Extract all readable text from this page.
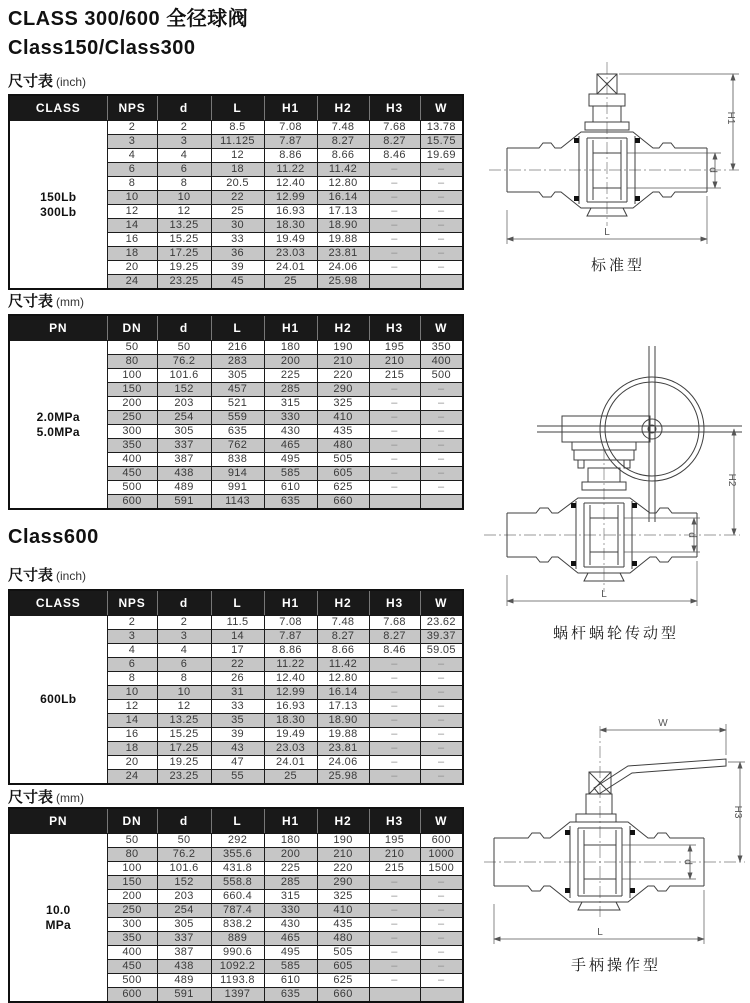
CLASS 300/600 全径球阀
Class150/Class300
尺寸表 (inch)
CLASS	NPS	d	L	H1	H2	H3	W

150Lb
300Lb	2	2	8.5	7.08	7.48	7.68	13.78
	3	3	11.125	7.87	8.27	8.27	15.75
	4	4	12	8.86	8.66	8.46	19.69
	6	6	18	11.22	11.42	–	–
	8	8	20.5	12.40	12.80	–	–
	10	10	22	12.99	16.14	–	–
	12	12	25	16.93	17.13	–	–
	14	13.25	30	18.30	18.90	–	–
	16	15.25	33	19.49	19.88	–	–
	18	17.25	36	23.03	23.81	–	–
	20	19.25	39	24.01	24.06	–	–
	24	23.25	45	25	25.98		
尺寸表 (mm)
PN	DN	d	L	H1	H2	H3	W

2.0MPa
5.0MPa	50	50	216	180	190	195	350
	80	76.2	283	200	210	210	400
	100	101.6	305	225	220	215	500
	150	152	457	285	290	–	–
	200	203	521	315	325	–	–
	250	254	559	330	410	–	–
	300	305	635	430	435	–	–
	350	337	762	465	480	–	–
	400	387	838	495	505	–	–
	450	438	914	585	605	–	–
	500	489	991	610	625	–	–
	600	591	1143	635	660		
Class600
尺寸表 (inch)
CLASS	NPS	d	L	H1	H2	H3	W

600Lb	2	2	11.5	7.08	7.48	7.68	23.62
	3	3	14	7.87	8.27	8.27	39.37
	4	4	17	8.86	8.66	8.46	59.05
	6	6	22	11.22	11.42	–	–
	8	8	26	12.40	12.80	–	–
	10	10	31	12.99	16.14	–	–
	12	12	33	16.93	17.13	–	–
	14	13.25	35	18.30	18.90	–	–
	16	15.25	39	19.49	19.88	–	–
	18	17.25	43	23.03	23.81	–	–
	20	19.25	47	24.01	24.06	–	–
	24	23.25	55	25	25.98	–	–
尺寸表 (mm)
PN	DN	d	L	H1	H2	H3	W

10.0
MPa	50	50	292	180	190	195	600
	80	76.2	355.6	200	210	210	1000
	100	101.6	431.8	225	220	215	1500
	150	152	558.8	285	290	–	–
	200	203	660.4	315	325	–	–
	250	254	787.4	330	410	–	–
	300	305	838.2	430	435	–	–
	350	337	889	465	480	–	–
	400	387	990.6	495	505	–	–
	450	438	1092.2	585	605	–	–
	500	489	1193.8	610	625	–	–
	600	591	1397	635	660		
H1
d
L
标准型
H2
d
L
蜗杆蜗轮传动型
W
H3
d
L
手柄操作型
